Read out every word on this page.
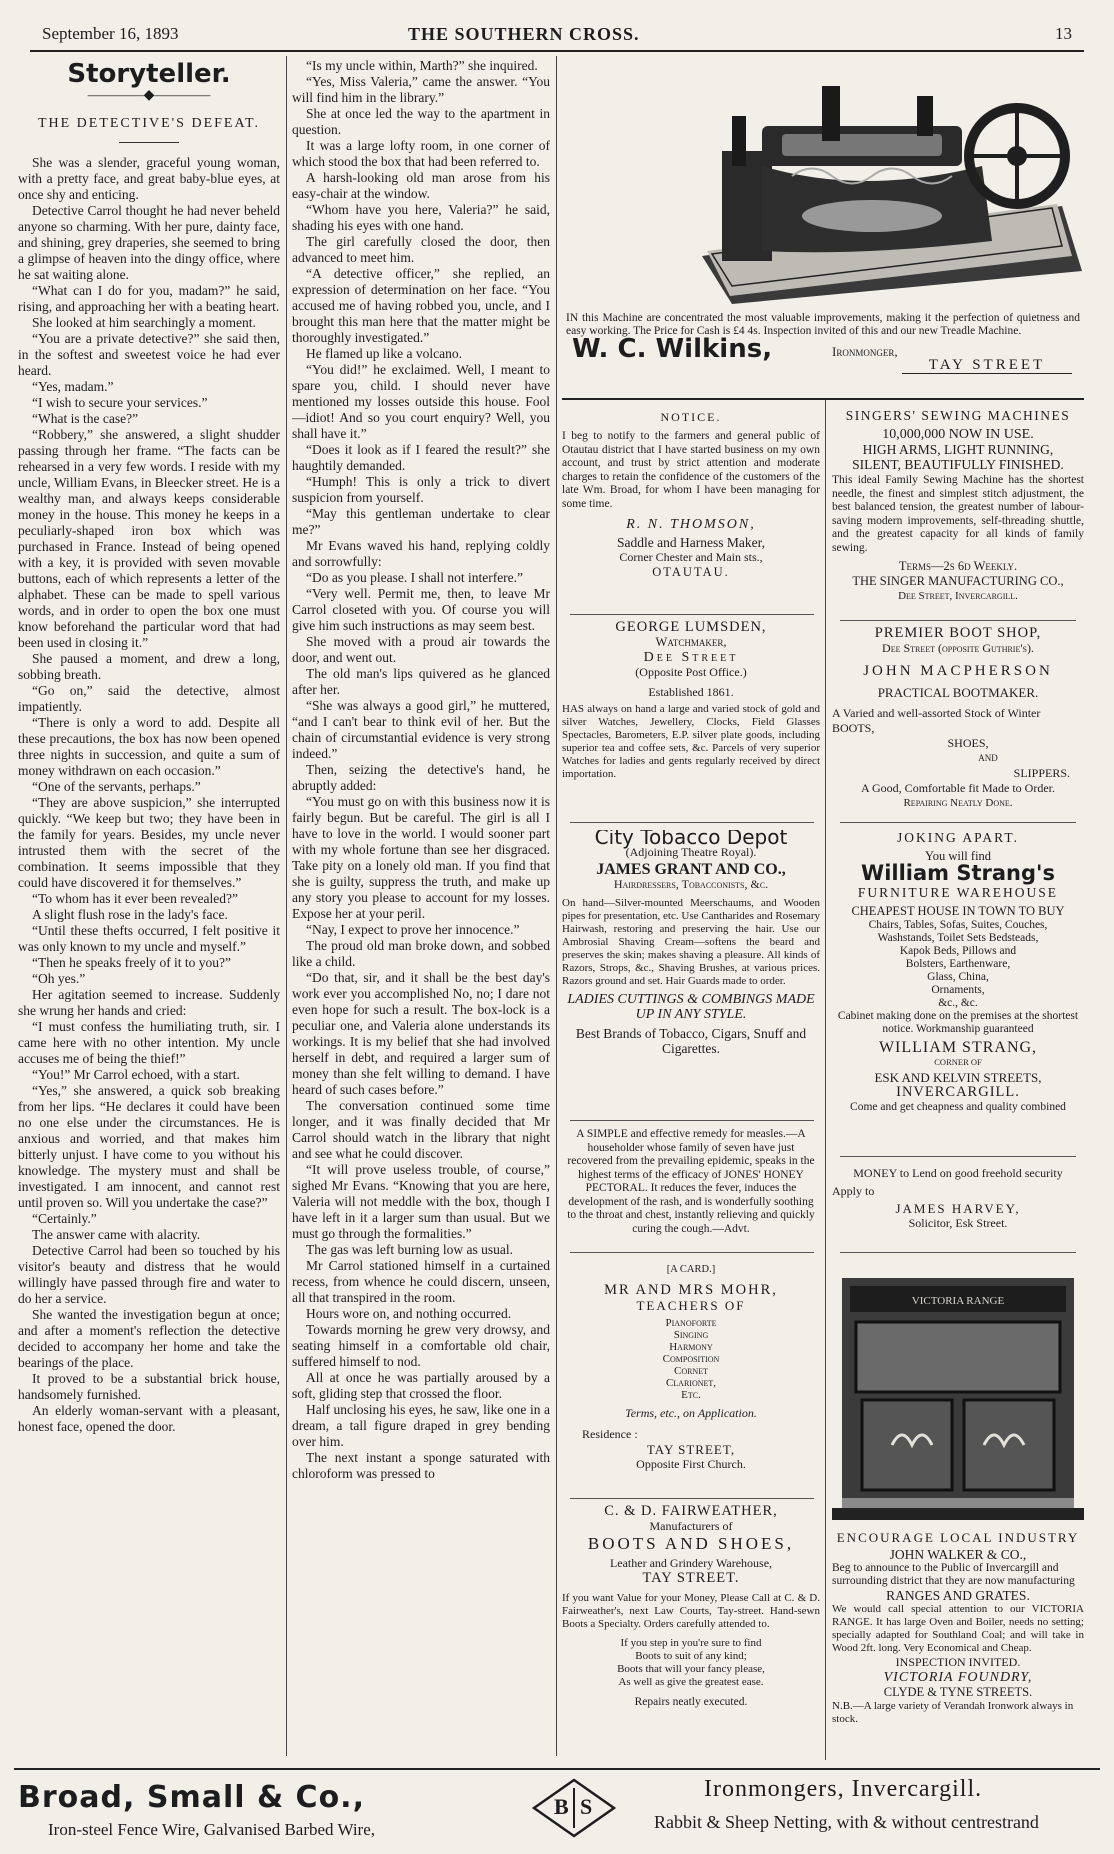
September 16, 1893	THE SOUTHERN CROSS.	13
Storyteller.
――――◆――――
THE DETECTIVE'S DEFEAT.

She was a slender, graceful young woman, with a pretty face, and great baby-blue eyes, at once shy and enticing.

Detective Carrol thought he had never beheld anyone so charming. With her pure, dainty face, and shining, grey draperies, she seemed to bring a glimpse of heaven into the dingy office, where he sat waiting alone.

“What can I do for you, madam?” he said, rising, and approaching her with a beating heart.

She looked at him searchingly a moment.

“You are a private detective?” she said then, in the softest and sweetest voice he had ever heard.

“Yes, madam.”

“I wish to secure your services.”

“What is the case?”

“Robbery,” she answered, a slight shudder passing through her frame. “The facts can be rehearsed in a very few words. I reside with my uncle, William Evans, in Bleecker street. He is a wealthy man, and always keeps considerable money in the house. This money he keeps in a peculiarly-shaped iron box which was purchased in France. Instead of being opened with a key, it is provided with seven movable buttons, each of which represents a letter of the alphabet. These can be made to spell various words, and in order to open the box one must know beforehand the particular word that had been used in closing it.”

She paused a moment, and drew a long, sobbing breath.

“Go on,” said the detective, almost impatiently.

“There is only a word to add. Despite all these precautions, the box has now been opened three nights in succession, and quite a sum of money withdrawn on each occasion.”

“One of the servants, perhaps.”

“They are above suspicion,” she interrupted quickly. “We keep but two; they have been in the family for years. Besides, my uncle never intrusted them with the secret of the combination. It seems impossible that they could have discovered it for themselves.”

“To whom has it ever been revealed?”

A slight flush rose in the lady's face.

“Until these thefts occurred, I felt positive it was only known to my uncle and myself.”

“Then he speaks freely of it to you?”

“Oh yes.”

Her agitation seemed to increase. Suddenly she wrung her hands and cried:

“I must confess the humiliating truth, sir. I came here with no other intention. My uncle accuses me of being the thief!”

“You!” Mr Carrol echoed, with a start.

“Yes,” she answered, a quick sob breaking from her lips. “He declares it could have been no one else under the circumstances. He is anxious and worried, and that makes him bitterly unjust. I have come to you without his knowledge. The mystery must and shall be investigated. I am innocent, and cannot rest until proven so. Will you undertake the case?”

“Certainly.”

The answer came with alacrity.

Detective Carrol had been so touched by his visitor's beauty and distress that he would willingly have passed through fire and water to do her a service.

She wanted the investigation begun at once; and after a moment's reflection the detective decided to accompany her home and take the bearings of the place.

It proved to be a substantial brick house, handsomely furnished.

An elderly woman-servant with a pleasant, honest face, opened the door.

“Is my uncle within, Marth?” she inquired.

“Yes, Miss Valeria,” came the answer. “You will find him in the library.”

She at once led the way to the apartment in question.

It was a large lofty room, in one corner of which stood the box that had been referred to.

A harsh-looking old man arose from his easy-chair at the window.

“Whom have you here, Valeria?” he said, shading his eyes with one hand.

The girl carefully closed the door, then advanced to meet him.

“A detective officer,” she replied, an expression of determination on her face. “You accused me of having robbed you, uncle, and I brought this man here that the matter might be thoroughly investigated.”

He flamed up like a volcano.

“You did!” he exclaimed. Well, I meant to spare you, child. I should never have mentioned my losses outside this house. Fool—idiot! And so you court enquiry? Well, you shall have it.”

“Does it look as if I feared the result?” she haughtily demanded.

“Humph! This is only a trick to divert suspicion from yourself.

“May this gentleman undertake to clear me?”

Mr Evans waved his hand, replying coldly and sorrowfully:

“Do as you please. I shall not interfere.”

“Very well. Permit me, then, to leave Mr Carrol closeted with you. Of course you will give him such instructions as may seem best.

She moved with a proud air towards the door, and went out.

The old man's lips quivered as he glanced after her.

“She was always a good girl,” he muttered, “and I can't bear to think evil of her. But the chain of circumstantial evidence is very strong indeed.”

Then, seizing the detective's hand, he abruptly added:

“You must go on with this business now it is fairly begun. But be careful. The girl is all I have to love in the world. I would sooner part with my whole fortune than see her disgraced. Take pity on a lonely old man. If you find that she is guilty, suppress the truth, and make up any story you please to account for my losses. Expose her at your peril.

“Nay, I expect to prove her innocence.”

The proud old man broke down, and sobbed like a child.

“Do that, sir, and it shall be the best day's work ever you accomplished No, no; I dare not even hope for such a result. The box-lock is a peculiar one, and Valeria alone understands its workings. It is my belief that she had involved herself in debt, and required a larger sum of money than she felt willing to demand. I have heard of such cases before.”

The conversation continued some time longer, and it was finally decided that Mr Carrol should watch in the library that night and see what he could discover.

“It will prove useless trouble, of course,” sighed Mr Evans. “Knowing that you are here, Valeria will not meddle with the box, though I have left in it a larger sum than usual. But we must go through the formalities.”

The gas was left burning low as usual.

Mr Carrol stationed himself in a curtained recess, from whence he could discern, unseen, all that transpired in the room.

Hours wore on, and nothing occurred.

Towards morning he grew very drowsy, and seating himself in a comfortable old chair, suffered himself to nod.

All at once he was partially aroused by a soft, gliding step that crossed the floor.

Half unclosing his eyes, he saw, like one in a dream, a tall figure draped in grey bending over him.

The next instant a sponge saturated with chloroform was pressed to

IN this Machine are concentrated the most valuable improvements, making it the perfection of quietness and easy working. The Price for Cash is £4 4s. Inspection invited of this and our new Treadle Machine.
W. C. Wilkins,	Ironmonger,
TAY STREET
NOTICE.
I beg to notify to the farmers and general public of Otautau district that I have started business on my own account, and trust by strict attention and moderate charges to retain the confidence of the customers of the late Wm. Broad, for whom I have been managing for some time.
R. N. THOMSON,
Saddle and Harness Maker,
Corner Chester and Main sts.,
OTAUTAU.
GEORGE LUMSDEN,
Watchmaker,
Dee Street
(Opposite Post Office.)
Established 1861.
HAS always on hand a large and varied stock of gold and silver Watches, Jewellery, Clocks, Field Glasses Spectacles, Barometers, E.P. silver plate goods, including superior tea and coffee sets, &c. Parcels of very superior Watches for ladies and gents regularly received by direct importation.
City Tobacco Depot
(Adjoining Theatre Royal).
JAMES GRANT AND CO.,
Hairdressers, Tobacconists, &c.
On hand—Silver-mounted Meerschaums, and Wooden pipes for presentation, etc. Use Cantharides and Rosemary Hairwash, restoring and preserving the hair. Use our Ambrosial Shaving Cream—softens the beard and preserves the skin; makes shaving a pleasure. All kinds of Razors, Strops, &c., Shaving Brushes, at various prices. Razors ground and set. Hair Guards made to order.
LADIES CUTTINGS & COMBINGS MADE UP IN ANY STYLE.
Best Brands of Tobacco, Cigars, Snuff and Cigarettes.
A SIMPLE and effective remedy for measles.—A householder whose family of seven have just recovered from the prevailing epidemic, speaks in the highest terms of the efficacy of JONES' HONEY PECTORAL. It reduces the fever, induces the development of the rash, and is wonderfully soothing to the throat and chest, instantly relieving and quickly curing the cough.—Advt.
[A CARD.]
MR AND MRS MOHR,
TEACHERS OF
Pianoforte
Singing
Harmony
Composition
Cornet
Clarionet,
Etc.
Terms, etc., on Application.
Residence :
TAY STREET,
Opposite First Church.
C. & D. FAIRWEATHER,
Manufacturers of
BOOTS AND SHOES,
Leather and Grindery Warehouse,
TAY STREET.
If you want Value for your Money, Please Call at C. & D. Fairweather's, next Law Courts, Tay-street. Hand-sewn Boots a Specialty. Orders carefully attended to.
If you step in you're sure to find
Boots to suit of any kind;
Boots that will your fancy please,
As well as give the greatest ease.
Repairs neatly executed.
SINGERS' SEWING MACHINES
10,000,000 NOW IN USE.
HIGH ARMS, LIGHT RUNNING,
SILENT, BEAUTIFULLY FINISHED.
This ideal Family Sewing Machine has the shortest needle, the finest and simplest stitch adjustment, the best balanced tension, the greatest number of labour-saving modern improvements, self-threading shuttle, and the greatest capacity for all kinds of family sewing.
Terms—2s 6d Weekly.
THE SINGER MANUFACTURING CO.,
Dee Street, Invercargill.
PREMIER BOOT SHOP,
Dee Street (opposite Guthrie's).
JOHN MACPHERSON
PRACTICAL BOOTMAKER.
A Varied and well-assorted Stock of Winter BOOTS,
SHOES,
AND
SLIPPERS.
A Good, Comfortable fit Made to Order.
Repairing Neatly Done.
JOKING APART.
You will find
William Strang's
FURNITURE WAREHOUSE
CHEAPEST HOUSE IN TOWN TO BUY
Chairs, Tables, Sofas, Suites, Couches,
Washstands, Toilet Sets Bedsteads,
Kapok Beds, Pillows and
Bolsters, Earthenware,
Glass, China,
Ornaments,
&c., &c.
Cabinet making done on the premises at the shortest notice. Workmanship guaranteed
WILLIAM STRANG,
CORNER OF
ESK AND KELVIN STREETS,
INVERCARGILL.
Come and get cheapness and quality combined
MONEY to Lend on good freehold security
Apply to
JAMES HARVEY,
Solicitor, Esk Street.
VICTORIA RANGE
ENCOURAGE LOCAL INDUSTRY
JOHN WALKER & CO.,
Beg to announce to the Public of Invercargill and surrounding district that they are now manufacturing
RANGES AND GRATES.
We would call special attention to our VICTORIA RANGE. It has large Oven and Boiler, needs no setting; specially adapted for Southland Coal; and will take in Wood 2ft. long. Very Economical and Cheap.
INSPECTION INVITED.
VICTORIA FOUNDRY,
CLYDE & TYNE STREETS.
N.B.—A large variety of Verandah Ironwork always in stock.
Broad, Small & Co.,
Iron-steel Fence Wire, Galvanised Barbed Wire,
B S
Ironmongers, Invercargill.
Rabbit & Sheep Netting, with & without centrestrand
